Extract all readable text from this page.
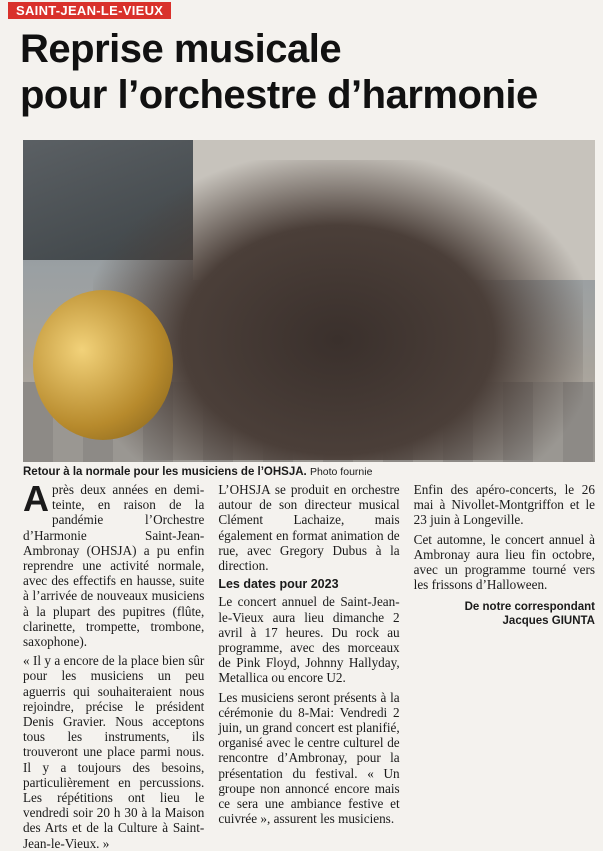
SAINT-JEAN-LE-VIEUX
Reprise musicale
pour l’orchestre d’harmonie

Retour à la normale pour les musiciens de l’OHSJA. Photo fournie

Après deux années en demi-teinte, en raison de la pandémie l’Orchestre d’Harmonie Saint-Jean-Ambronay (OHSJA) a pu enfin reprendre une activité normale, avec des effectifs en hausse, suite à l’arrivée de nouveaux musiciens à la plupart des pupitres (flûte, clarinette, trompette, trombone, saxophone).

« Il y a encore de la place bien sûr pour les musiciens un peu aguerris qui souhaiteraient nous rejoindre, précise le président Denis Gravier. Nous acceptons tous les instruments, ils trouveront une place parmi nous. Il y a toujours des besoins, particulièrement en percussions. Les répétitions ont lieu le vendredi soir 20 h 30 à la Maison des Arts et de la Culture à Saint-Jean-le-Vieux. »

L’OHSJA se produit en orchestre autour de son directeur musical Clément Lachaize, mais également en format animation de rue, avec Gregory Dubus à la direction.

Les dates pour 2023

Le concert annuel de Saint-Jean-le-Vieux aura lieu dimanche 2 avril à 17 heures. Du rock au programme, avec des morceaux de Pink Floyd, Johnny Hallyday, Metallica ou encore U2.

Les musiciens seront présents à la cérémonie du 8-Mai: Vendredi 2 juin, un grand concert est planifié, organisé avec le centre culturel de rencontre d’Ambronay, pour la présentation du festival. « Un groupe non annoncé encore mais ce sera une ambiance festive et cuivrée », assurent les musiciens.

Enfin des apéro-concerts, le 26 mai à Nivollet-Montgriffon et le 23 juin à Longeville.

Cet automne, le concert annuel à Ambronay aura lieu fin octobre, avec un programme tourné vers les frissons d’Halloween.

De notre correspondant
Jacques GIUNTA
